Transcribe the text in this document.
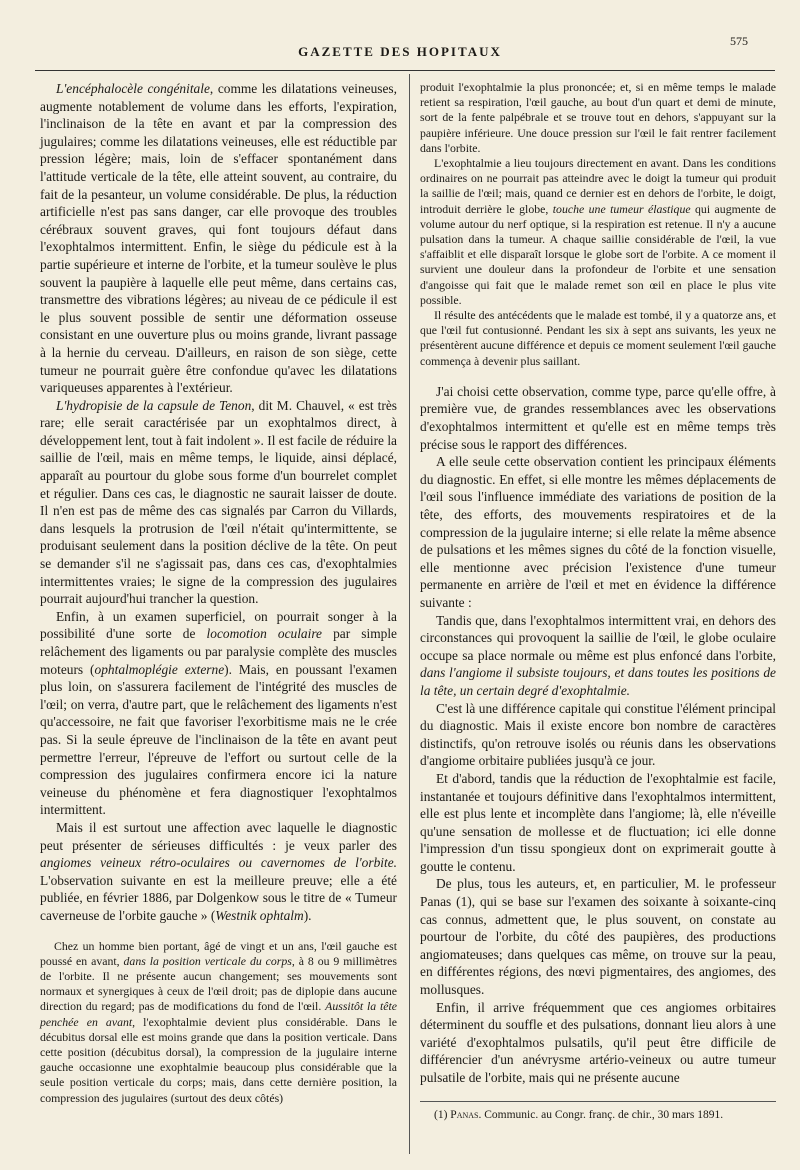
GAZETTE DES HOPITAUX
575

L'encéphalocèle congénitale, comme les dilatations veineuses, augmente notablement de volume dans les efforts, l'expiration, l'inclinaison de la tête en avant et par la compression des jugulaires; comme les dilatations veineuses, elle est réductible par pression légère; mais, loin de s'effacer spontanément dans l'attitude verticale de la tête, elle atteint souvent, au contraire, du fait de la pesanteur, un volume considérable. De plus, la réduction artificielle n'est pas sans danger, car elle provoque des troubles cérébraux souvent graves, qui font toujours défaut dans l'exophtalmos intermittent. Enfin, le siège du pédicule est à la partie supérieure et interne de l'orbite, et la tumeur soulève le plus souvent la paupière à laquelle elle peut même, dans certains cas, transmettre des vibrations légères; au niveau de ce pédicule il est le plus souvent possible de sentir une déformation osseuse consistant en une ouverture plus ou moins grande, livrant passage à la hernie du cerveau. D'ailleurs, en raison de son siège, cette tumeur ne pourrait guère être confondue qu'avec les dilatations variqueuses apparentes à l'extérieur.

L'hydropisie de la capsule de Tenon, dit M. Chauvel, « est très rare; elle serait caractérisée par un exophtalmos direct, à développement lent, tout à fait indolent ». Il est facile de réduire la saillie de l'œil, mais en même temps, le liquide, ainsi déplacé, apparaît au pourtour du globe sous forme d'un bourrelet complet et régulier. Dans ces cas, le diagnostic ne saurait laisser de doute. Il n'en est pas de même des cas signalés par Carron du Villards, dans lesquels la protrusion de l'œil n'était qu'intermittente, se produisant seulement dans la position déclive de la tête. On peut se demander s'il ne s'agissait pas, dans ces cas, d'exophtalmies intermittentes vraies; le signe de la compression des jugulaires pourrait aujourd'hui trancher la question.

Enfin, à un examen superficiel, on pourrait songer à la possibilité d'une sorte de locomotion oculaire par simple relâchement des ligaments ou par paralysie complète des muscles moteurs (ophtalmoplégie externe). Mais, en poussant l'examen plus loin, on s'assurera facilement de l'intégrité des muscles de l'œil; on verra, d'autre part, que le relâchement des ligaments n'est qu'accessoire, ne fait que favoriser l'exorbitisme mais ne le crée pas. Si la seule épreuve de l'inclinaison de la tête en avant peut permettre l'erreur, l'épreuve de l'effort ou surtout celle de la compression des jugulaires confirmera encore ici la nature veineuse du phénomène et fera diagnostiquer l'exophtalmos intermittent.

Mais il est surtout une affection avec laquelle le diagnostic peut présenter de sérieuses difficultés : je veux parler des angiomes veineux rétro-oculaires ou cavernomes de l'orbite. L'observation suivante en est la meilleure preuve; elle a été publiée, en février 1886, par Dolgenkow sous le titre de « Tumeur caverneuse de l'orbite gauche » (Westnik ophtalm).

Chez un homme bien portant, âgé de vingt et un ans, l'œil gauche est poussé en avant, dans la position verticale du corps, à 8 ou 9 millimètres de l'orbite. Il ne présente aucun changement; ses mouvements sont normaux et synergiques à ceux de l'œil droit; pas de diplopie dans aucune direction du regard; pas de modifications du fond de l'œil. Aussitôt la tête penchée en avant, l'exophtalmie devient plus considérable. Dans le décubitus dorsal elle est moins grande que dans la position verticale. Dans cette position (décubitus dorsal), la compression de la jugulaire interne gauche occasionne une exophtalmie beaucoup plus considérable que la seule position verticale du corps; mais, dans cette dernière position, la compression des jugulaires (surtout des deux côtés)

produit l'exophtalmie la plus prononcée; et, si en même temps le malade retient sa respiration, l'œil gauche, au bout d'un quart et demi de minute, sort de la fente palpébrale et se trouve tout en dehors, s'appuyant sur la paupière inférieure. Une douce pression sur l'œil le fait rentrer facilement dans l'orbite.

L'exophtalmie a lieu toujours directement en avant. Dans les conditions ordinaires on ne pourrait pas atteindre avec le doigt la tumeur qui produit la saillie de l'œil; mais, quand ce dernier est en dehors de l'orbite, le doigt, introduit derrière le globe, touche une tumeur élastique qui augmente de volume autour du nerf optique, si la respiration est retenue. Il n'y a aucune pulsation dans la tumeur. A chaque saillie considérable de l'œil, la vue s'affaiblit et elle disparaît lorsque le globe sort de l'orbite. A ce moment il survient une douleur dans la profondeur de l'orbite et une sensation d'angoisse qui fait que le malade remet son œil en place le plus vite possible.

Il résulte des antécédents que le malade est tombé, il y a quatorze ans, et que l'œil fut contusionné. Pendant les six à sept ans suivants, les yeux ne présentèrent aucune différence et depuis ce moment seulement l'œil gauche commença à devenir plus saillant.

J'ai choisi cette observation, comme type, parce qu'elle offre, à première vue, de grandes ressemblances avec les observations d'exophtalmos intermittent et qu'elle est en même temps très précise sous le rapport des différences.

A elle seule cette observation contient les principaux éléments du diagnostic. En effet, si elle montre les mêmes déplacements de l'œil sous l'influence immédiate des variations de position de la tête, des efforts, des mouvements respiratoires et de la compression de la jugulaire interne; si elle relate la même absence de pulsations et les mêmes signes du côté de la fonction visuelle, elle mentionne avec précision l'existence d'une tumeur permanente en arrière de l'œil et met en évidence la différence suivante :

Tandis que, dans l'exophtalmos intermittent vrai, en dehors des circonstances qui provoquent la saillie de l'œil, le globe oculaire occupe sa place normale ou même est plus enfoncé dans l'orbite, dans l'angiome il subsiste toujours, et dans toutes les positions de la tête, un certain degré d'exophtalmie.

C'est là une différence capitale qui constitue l'élément principal du diagnostic. Mais il existe encore bon nombre de caractères distinctifs, qu'on retrouve isolés ou réunis dans les observations d'angiome orbitaire publiées jusqu'à ce jour.

Et d'abord, tandis que la réduction de l'exophtalmie est facile, instantanée et toujours définitive dans l'exophtalmos intermittent, elle est plus lente et incomplète dans l'angiome; là, elle n'éveille qu'une sensation de mollesse et de fluctuation; ici elle donne l'impression d'un tissu spongieux dont on exprimerait goutte à goutte le contenu.

De plus, tous les auteurs, et, en particulier, M. le professeur Panas (1), qui se base sur l'examen des soixante à soixante-cinq cas connus, admettent que, le plus souvent, on constate au pourtour de l'orbite, du côté des paupières, des productions angiomateuses; dans quelques cas même, on trouve sur la peau, en différentes régions, des nœvi pigmentaires, des angiomes, des mollusques.

Enfin, il arrive fréquemment que ces angiomes orbitaires déterminent du souffle et des pulsations, donnant lieu alors à une variété d'exophtalmos pulsatils, qu'il peut être difficile de différencier d'un anévrysme artério-veineux ou autre tumeur pulsatile de l'orbite, mais qui ne présente aucune

(1) Panas. Communic. au Congr. franç. de chir., 30 mars 1891.
